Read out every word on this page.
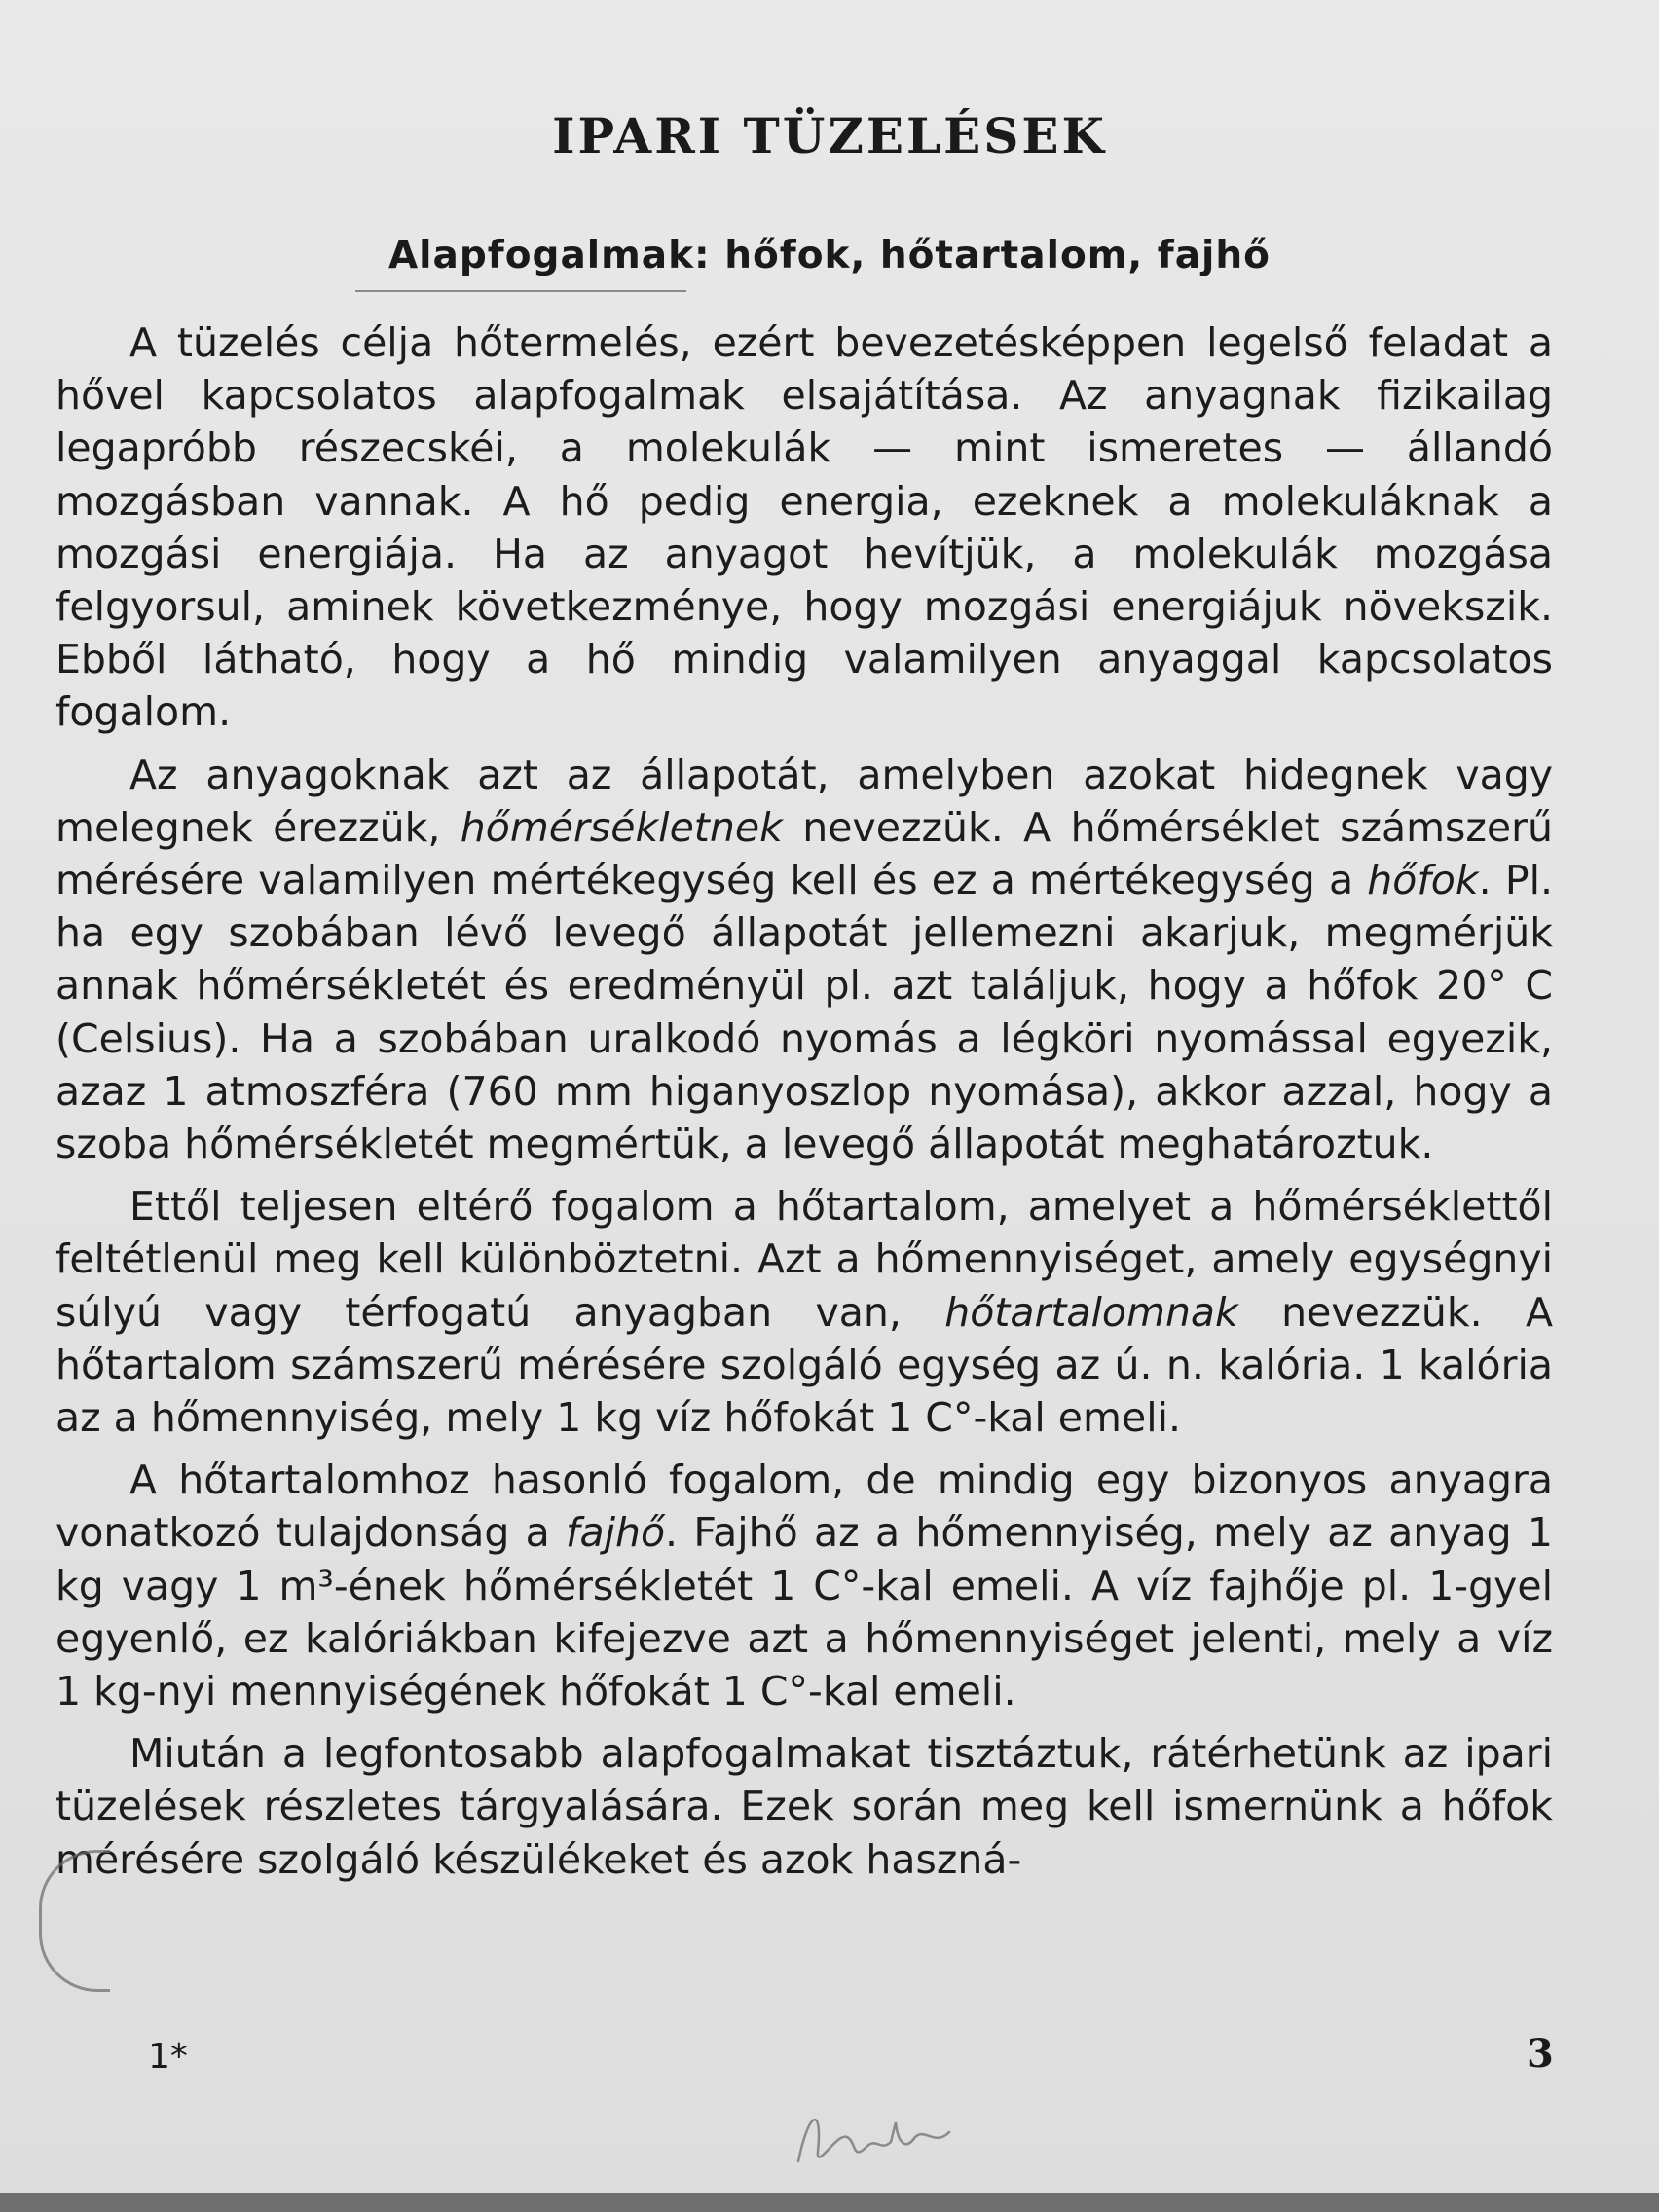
IPARI TÜZELÉSEK
Alapfogalmak: hőfok, hőtartalom, fajhő

A tüzelés célja hőtermelés, ezért bevezetésképpen legelső feladat a hővel kapcsolatos alapfogalmak elsajátítása. Az anyagnak fizikailag legapróbb részecskéi, a molekulák — mint ismeretes — állandó mozgásban vannak. A hő pedig energia, ezeknek a molekuláknak a mozgási energiája. Ha az anyagot hevítjük, a molekulák mozgása felgyorsul, aminek következménye, hogy mozgási energiájuk növekszik. Ebből látható, hogy a hő mindig valamilyen anyaggal kapcsolatos fogalom.

Az anyagoknak azt az állapotát, amelyben azokat hidegnek vagy melegnek érezzük, hőmérsékletnek nevezzük. A hőmérséklet számszerű mérésére valamilyen mértékegység kell és ez a mértékegység a hőfok. Pl. ha egy szobában lévő levegő állapotát jellemezni akarjuk, megmérjük annak hőmérsékletét és eredményül pl. azt találjuk, hogy a hőfok 20° C (Celsius). Ha a szobában uralkodó nyomás a légköri nyomással egyezik, azaz 1 atmoszféra (760 mm higanyoszlop nyomása), akkor azzal, hogy a szoba hőmérsékletét megmértük, a levegő állapotát meghatároztuk.

Ettől teljesen eltérő fogalom a hőtartalom, amelyet a hőmérséklettől feltétlenül meg kell különböztetni. Azt a hőmennyiséget, amely egységnyi súlyú vagy térfogatú anyagban van, hőtartalomnak nevezzük. A hőtartalom számszerű mérésére szolgáló egység az ú. n. kalória. 1 kalória az a hőmennyiség, mely 1 kg víz hőfokát 1 C°-kal emeli.

A hőtartalomhoz hasonló fogalom, de mindig egy bizonyos anyagra vonatkozó tulajdonság a fajhő. Fajhő az a hőmennyiség, mely az anyag 1 kg vagy 1 m³-ének hőmérsékletét 1 C°-kal emeli. A víz fajhője pl. 1-gyel egyenlő, ez kalóriákban kifejezve azt a hőmennyiséget jelenti, mely a víz 1 kg-nyi mennyiségének hőfokát 1 C°-kal emeli.

Miután a legfontosabb alapfogalmakat tisztáztuk, rátérhetünk az ipari tüzelések részletes tárgyalására. Ezek során meg kell ismernünk a hőfok mérésére szolgáló készülékeket és azok haszná-

1*	3
